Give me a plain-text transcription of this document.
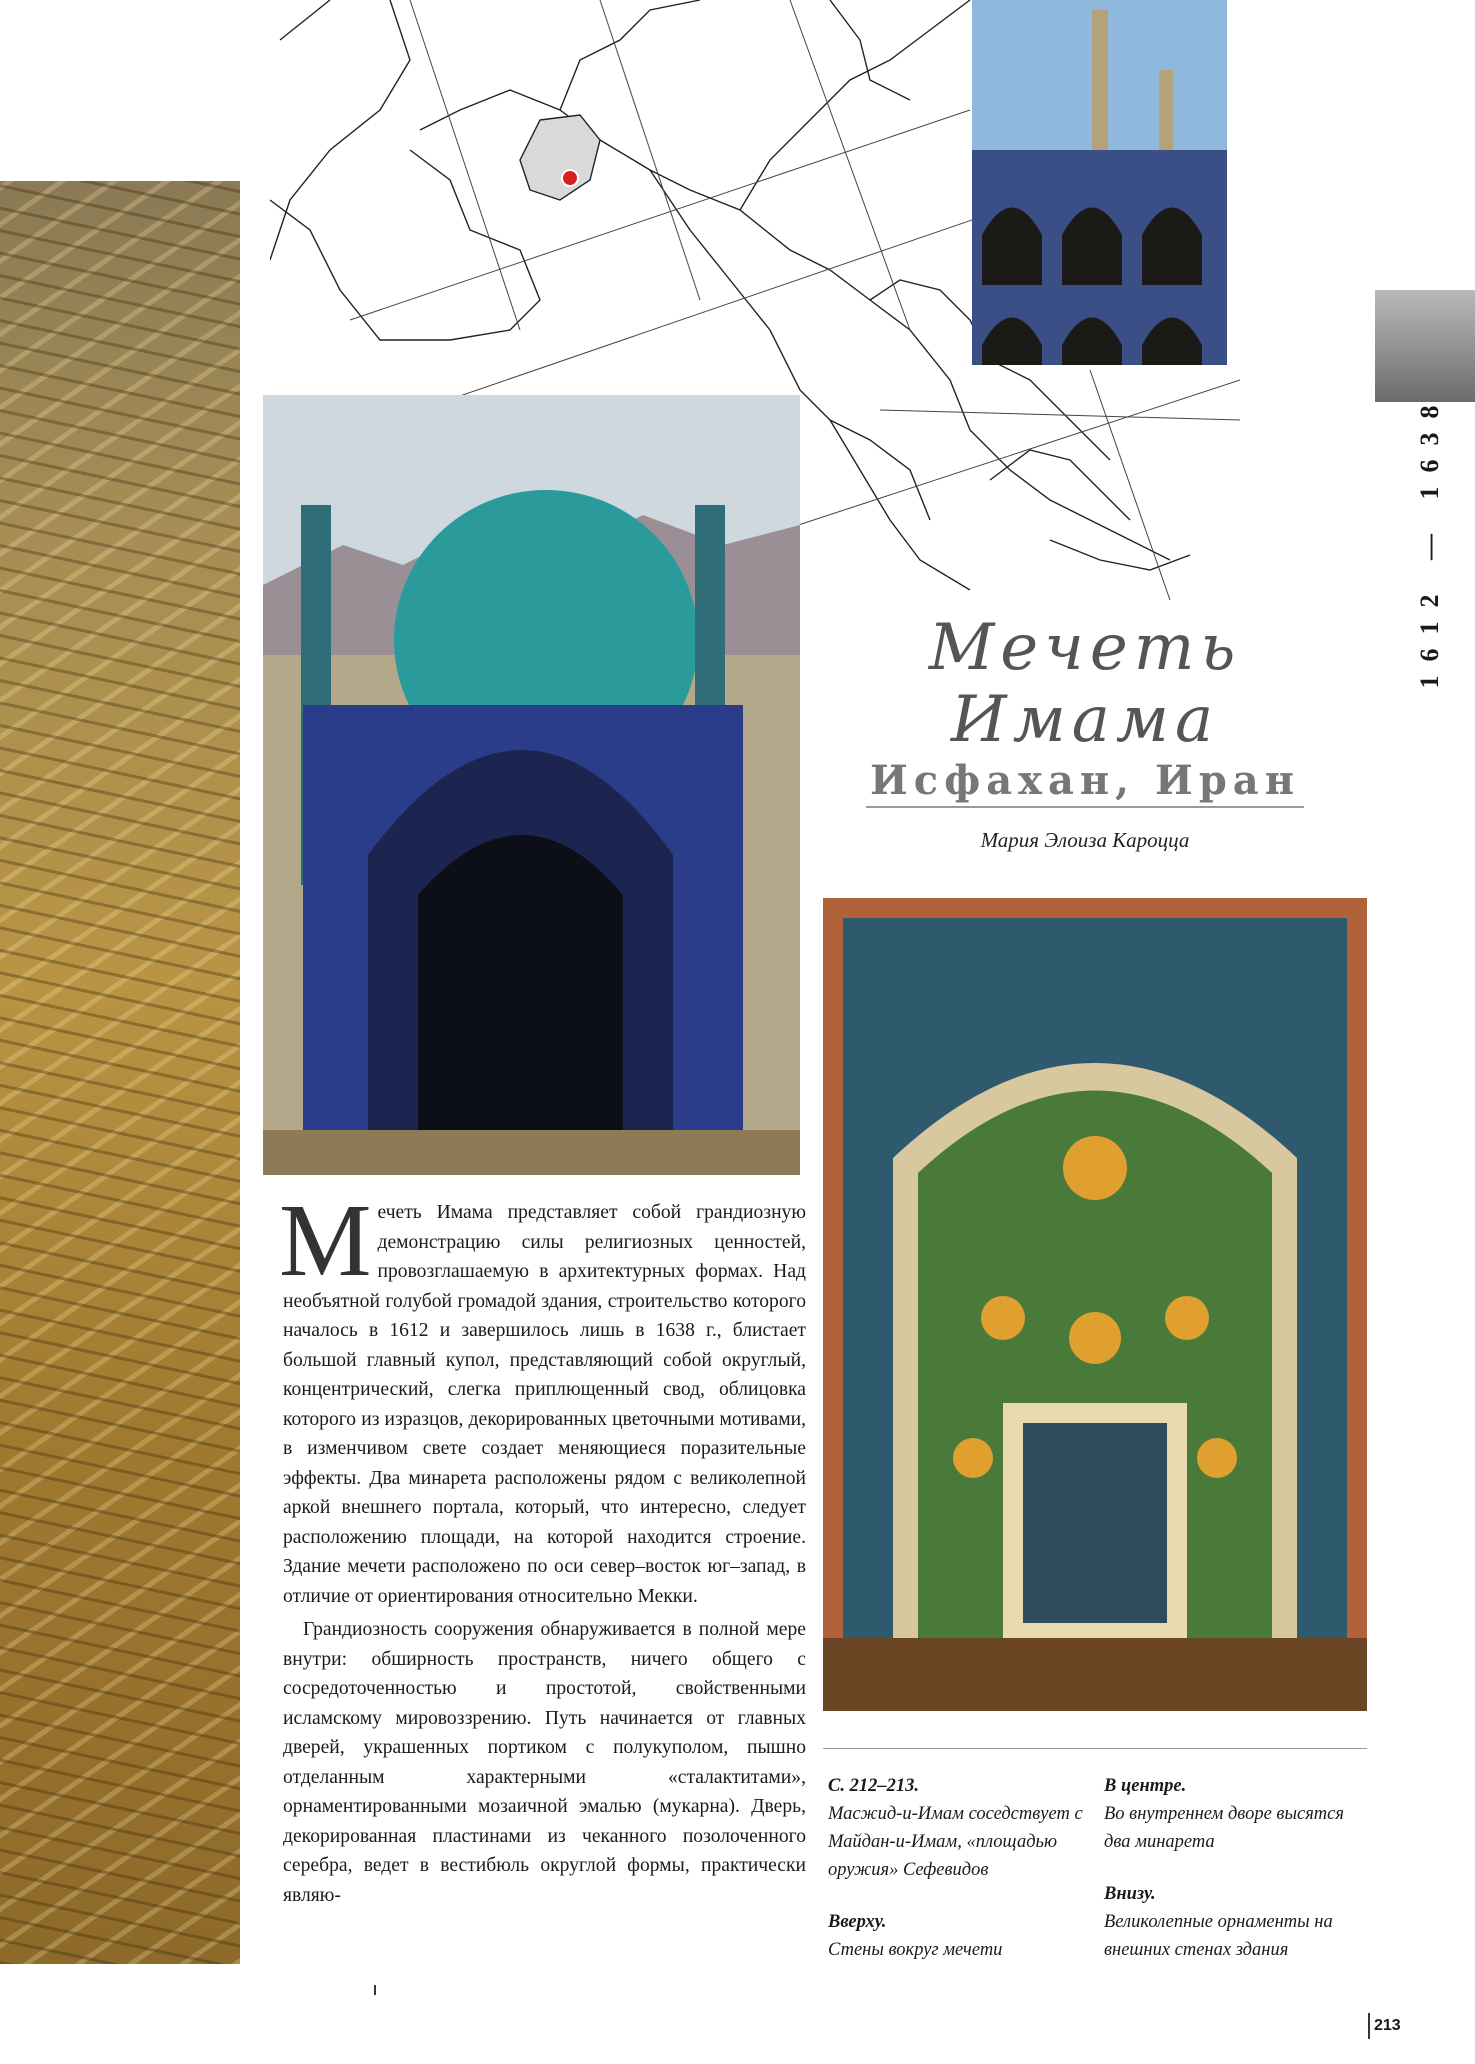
1612 — 1638
Мечеть
Имама
Исфахан, Иран
Мария Элоиза Кароцца

Мечеть Имама представляет собой грандиозную демонстрацию силы религиозных ценностей, провозглашаемую в архитектурных формах. Над необъятной голубой громадой здания, строительство которого началось в 1612 и завершилось лишь в 1638 г., блистает большой главный купол, представляющий собой округлый, концентрический, слегка приплющенный свод, облицовка которого из изразцов, декорированных цветочными мотивами, в изменчивом свете создает меняющиеся поразительные эффекты. Два минарета расположены рядом с великолепной аркой внешнего портала, который, что интересно, следует расположению площади, на которой находится строение. Здание мечети расположено по оси север–восток юг–запад, в отличие от ориентирования относительно Мекки.

Грандиозность сооружения обнаруживается в полной мере внутри: обширность пространств, ничего общего с сосредоточенностью и простотой, свойственными исламскому мировоззрению. Путь начинается от главных дверей, украшенных портиком с полукуполом, пышно отделанным характерными «сталактитами», орнаментированными мозаичной эмалью (мукарна). Дверь, декорированная пластинами из чеканного позолоченного серебра, ведет в вестибюль округлой формы, практически являю-

С. 212–213.
Масжид-и-Имам соседствует с Майдан-и-Имам, «площадью оружия» Сефевидов
Вверху.
Стены вокруг мечети
В центре.
Во внутреннем дворе высятся два минарета
Внизу.
Великолепные орнаменты на внешних стенах здания
213
